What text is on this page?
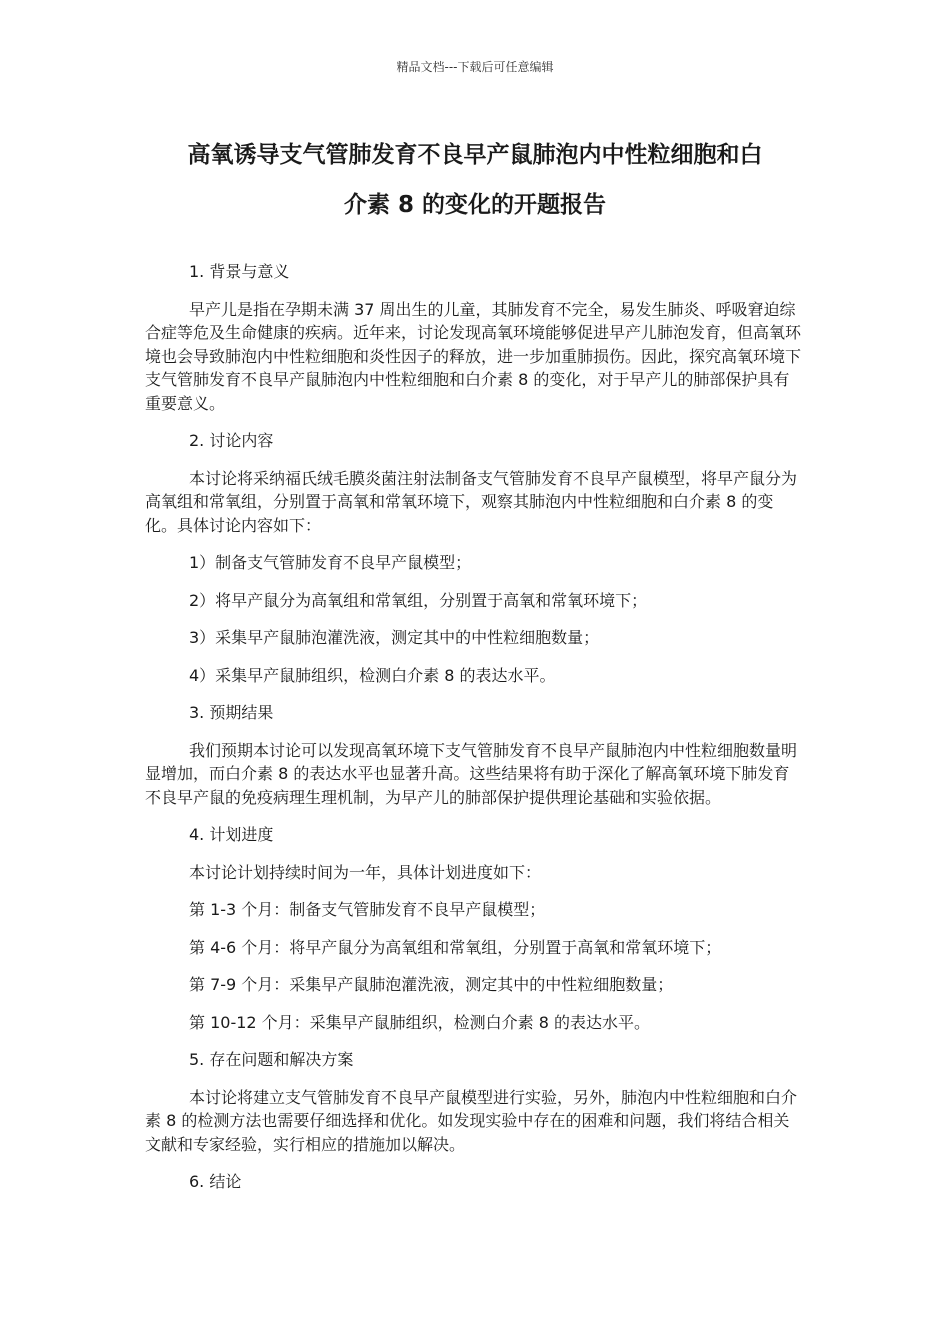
精品文档---下载后可任意编辑
高氧诱导支气管肺发育不良早产鼠肺泡内中性粒细胞和白
介素 8 的变化的开题报告

1. 背景与意义

早产儿是指在孕期未满 37 周出生的儿童，其肺发育不完全，易发生肺炎、呼吸窘迫综合症等危及生命健康的疾病。近年来，讨论发现高氧环境能够促进早产儿肺泡发育，但高氧环境也会导致肺泡内中性粒细胞和炎性因子的释放，进一步加重肺损伤。因此，探究高氧环境下支气管肺发育不良早产鼠肺泡内中性粒细胞和白介素 8 的变化，对于早产儿的肺部保护具有重要意义。

2. 讨论内容

本讨论将采纳福氏绒毛膜炎菌注射法制备支气管肺发育不良早产鼠模型，将早产鼠分为高氧组和常氧组，分别置于高氧和常氧环境下，观察其肺泡内中性粒细胞和白介素 8 的变化。具体讨论内容如下：

1）制备支气管肺发育不良早产鼠模型；

2）将早产鼠分为高氧组和常氧组，分别置于高氧和常氧环境下；

3）采集早产鼠肺泡灌洗液，测定其中的中性粒细胞数量；

4）采集早产鼠肺组织，检测白介素 8 的表达水平。

3. 预期结果

我们预期本讨论可以发现高氧环境下支气管肺发育不良早产鼠肺泡内中性粒细胞数量明显增加，而白介素 8 的表达水平也显著升高。这些结果将有助于深化了解高氧环境下肺发育不良早产鼠的免疫病理生理机制，为早产儿的肺部保护提供理论基础和实验依据。

4. 计划进度

本讨论计划持续时间为一年，具体计划进度如下：

第 1-3 个月：制备支气管肺发育不良早产鼠模型；

第 4-6 个月：将早产鼠分为高氧组和常氧组，分别置于高氧和常氧环境下；

第 7-9 个月：采集早产鼠肺泡灌洗液，测定其中的中性粒细胞数量；

第 10-12 个月：采集早产鼠肺组织，检测白介素 8 的表达水平。

5. 存在问题和解决方案

本讨论将建立支气管肺发育不良早产鼠模型进行实验，另外，肺泡内中性粒细胞和白介素 8 的检测方法也需要仔细选择和优化。如发现实验中存在的困难和问题，我们将结合相关文献和专家经验，实行相应的措施加以解决。

6. 结论
